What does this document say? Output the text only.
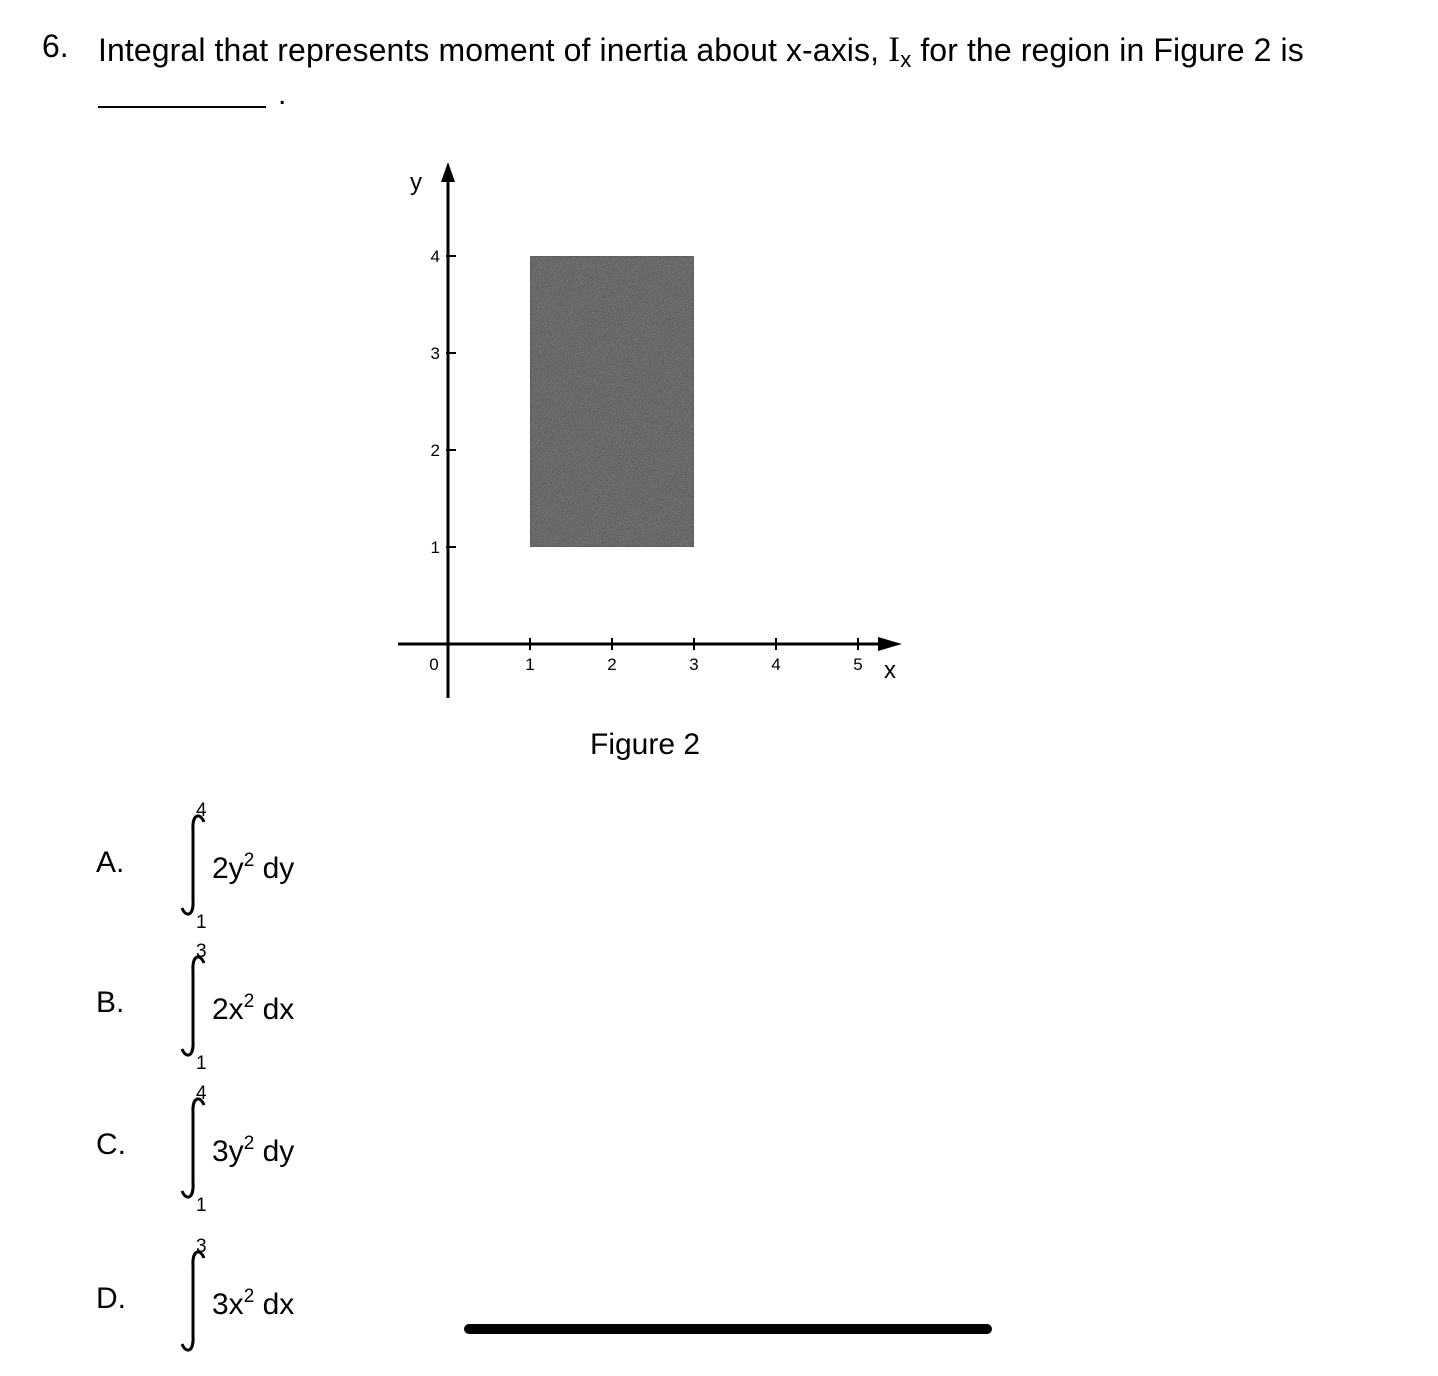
6. Integral that represents moment of inertia about x-axis, $I_x$ for the region in Figure 2 is
.
1	2	3	4	5
1
2
3
4
0	x
y
Figure 2
A.
4
1
$2y^2$ dy
B.
3
1
$2x^2$ dx
C.
4
1
$3y^2$ dy
D.
3
$3x^2$ dx
